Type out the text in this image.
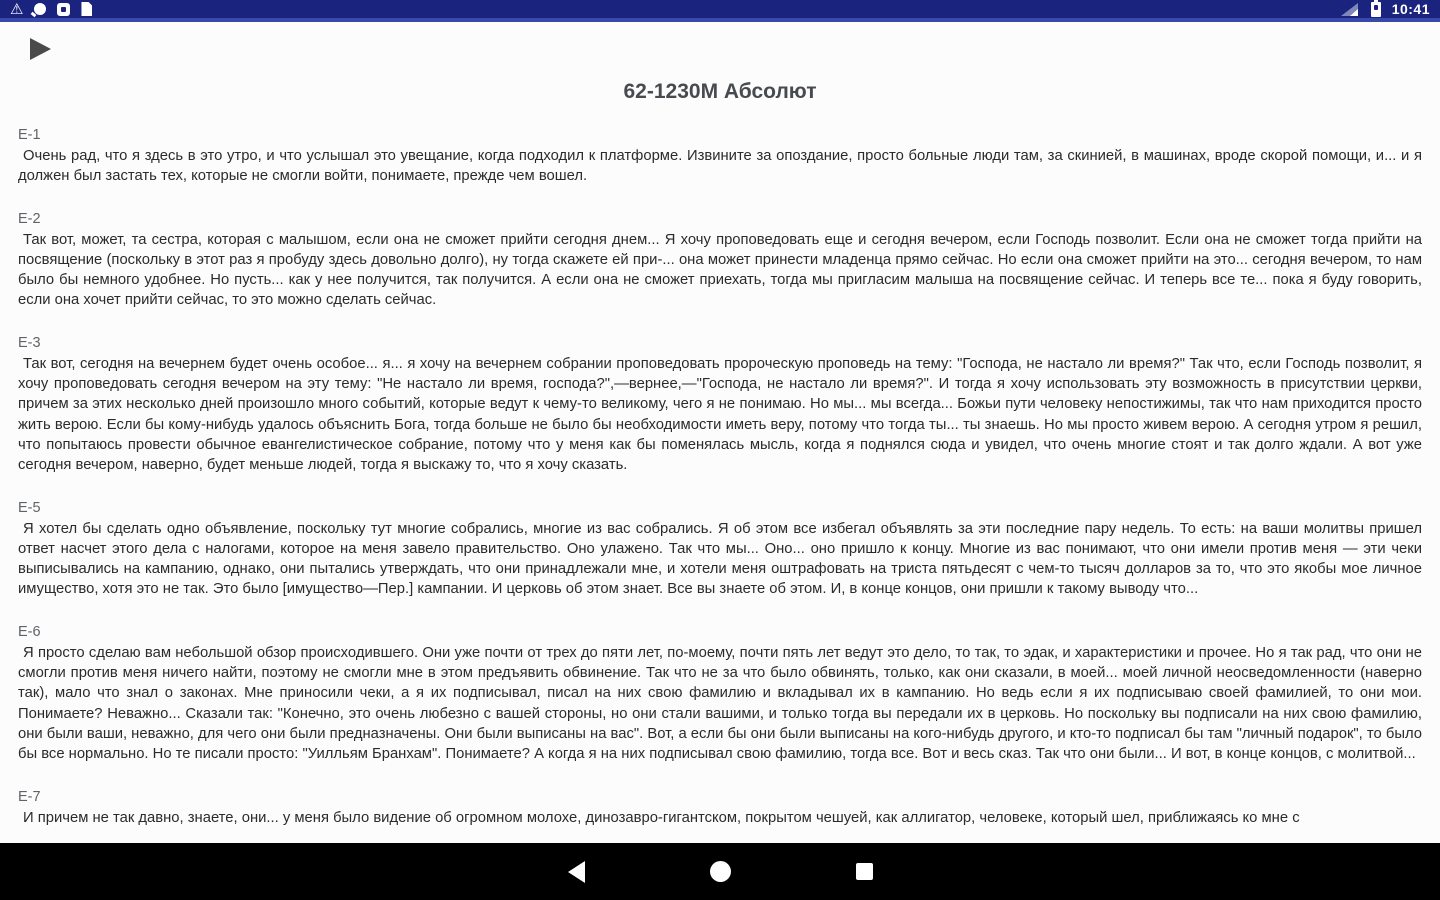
⚠	10:41
62-1230М Абсолют
E-1
Очень рад, что я здесь в это утро, и что услышал это увещание, когда подходил к платформе. Извините за опоздание, просто больные люди там, за скинией, в машинах, вроде скорой помощи, и... и я должен был застать тех, которые не смогли войти, понимаете, прежде чем вошел.
E-2
Так вот, может, та сестра, которая с малышом, если она не сможет прийти сегодня днем... Я хочу проповедовать еще и сегодня вечером, если Господь позволит. Если она не сможет тогда прийти на посвящение (поскольку в этот раз я пробуду здесь довольно долго), ну тогда скажете ей при-... она может принести младенца прямо сейчас. Но если она сможет прийти на это... сегодня вечером, то нам было бы немного удобнее. Но пусть... как у нее получится, так получится. А если она не сможет приехать, тогда мы пригласим малыша на посвящение сейчас. И теперь все те... пока я буду говорить, если она хочет прийти сейчас, то это можно сделать сейчас.
E-3
Так вот, сегодня на вечернем будет очень особое... я... я хочу на вечернем собрании проповедовать пророческую проповедь на тему: "Господа, не настало ли время?" Так что, если Господь позволит, я хочу проповедовать сегодня вечером на эту тему: "Не настало ли время, господа?",—вернее,—"Господа, не настало ли время?". И тогда я хочу использовать эту возможность в присутствии церкви, причем за этих несколько дней произошло много событий, которые ведут к чему-то великому, чего я не понимаю. Но мы... мы всегда... Божьи пути человеку непостижимы, так что нам приходится просто жить верою. Если бы кому-нибудь удалось объяснить Бога, тогда больше не было бы необходимости иметь веру, потому что тогда ты... ты знаешь. Но мы просто живем верою. А сегодня утром я решил, что попытаюсь провести обычное евангелистическое собрание, потому что у меня как бы поменялась мысль, когда я поднялся сюда и увидел, что очень многие стоят и так долго ждали. А вот уже сегодня вечером, наверно, будет меньше людей, тогда я выскажу то, что я хочу сказать.
E-5
Я хотел бы сделать одно объявление, поскольку тут многие собрались, многие из вас собрались. Я об этом все избегал объявлять за эти последние пару недель. То есть: на ваши молитвы пришел ответ насчет этого дела с налогами, которое на меня завело правительство. Оно улажено. Так что мы... Оно... оно пришло к концу. Многие из вас понимают, что они имели против меня — эти чеки выписывались на кампанию, однако, они пытались утверждать, что они принадлежали мне, и хотели меня оштрафовать на триста пятьдесят с чем-то тысяч долларов за то, что это якобы мое личное имущество, хотя это не так. Это было [имущество—Пер.] кампании. И церковь об этом знает. Все вы знаете об этом. И, в конце концов, они пришли к такому выводу что...
E-6
Я просто сделаю вам небольшой обзор происходившего. Они уже почти от трех до пяти лет, по-моему, почти пять лет ведут это дело, то так, то эдак, и характеристики и прочее. Но я так рад, что они не смогли против меня ничего найти, поэтому не смогли мне в этом предъявить обвинение. Так что не за что было обвинять, только, как они сказали, в моей... моей личной неосведомленности (наверно так), мало что знал о законах. Мне приносили чеки, а я их подписывал, писал на них свою фамилию и вкладывал их в кампанию. Но ведь если я их подписываю своей фамилией, то они мои. Понимаете? Неважно... Сказали так: "Конечно, это очень любезно с вашей стороны, но они стали вашими, и только тогда вы передали их в церковь. Но поскольку вы подписали на них свою фамилию, они были ваши, неважно, для чего они были предназначены. Они были выписаны на вас". Вот, а если бы они были выписаны на кого-нибудь другого, и кто-то подписал бы там "личный подарок", то было бы все нормально. Но те писали просто: "Уилльям Бранхам". Понимаете? А когда я на них подписывал свою фамилию, тогда все. Вот и весь сказ. Так что они были... И вот, в конце концов, с молитвой...
E-7
И причем не так давно, знаете, они... у меня было видение об огромном молохе, динозавро-гигантском, покрытом чешуей, как аллигатор, человеке, который шел, приближаясь ко мне с
